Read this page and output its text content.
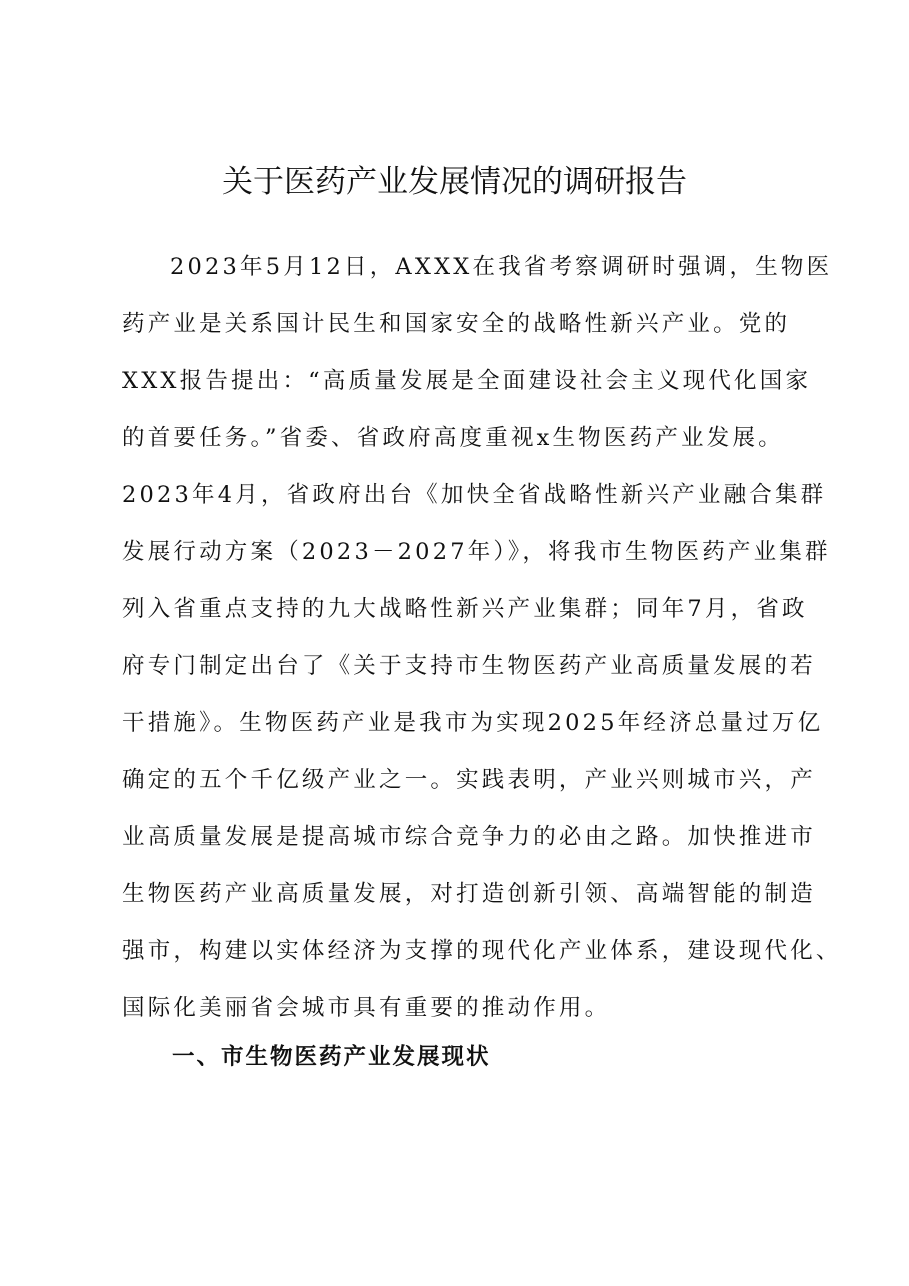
关于医药产业发展情况的调研报告

2023年5月12日，AXXX在我省考察调研时强调，生物医

药产业是关系国计民生和国家安全的战略性新兴产业。党的

XXX报告提出：“高质量发展是全面建设社会主义现代化国家

的首要任务。”省委、省政府高度重视x生物医药产业发展。

2023年4月，省政府出台《加快全省战略性新兴产业融合集群

发展行动方案（2023－2027年）》，将我市生物医药产业集群

列入省重点支持的九大战略性新兴产业集群；同年7月，省政

府专门制定出台了《关于支持市生物医药产业高质量发展的若

干措施》。生物医药产业是我市为实现2025年经济总量过万亿

确定的五个千亿级产业之一。实践表明，产业兴则城市兴，产

业高质量发展是提高城市综合竞争力的必由之路。加快推进市

生物医药产业高质量发展，对打造创新引领、高端智能的制造

强市，构建以实体经济为支撑的现代化产业体系，建设现代化、

国际化美丽省会城市具有重要的推动作用。

一、市生物医药产业发展现状
